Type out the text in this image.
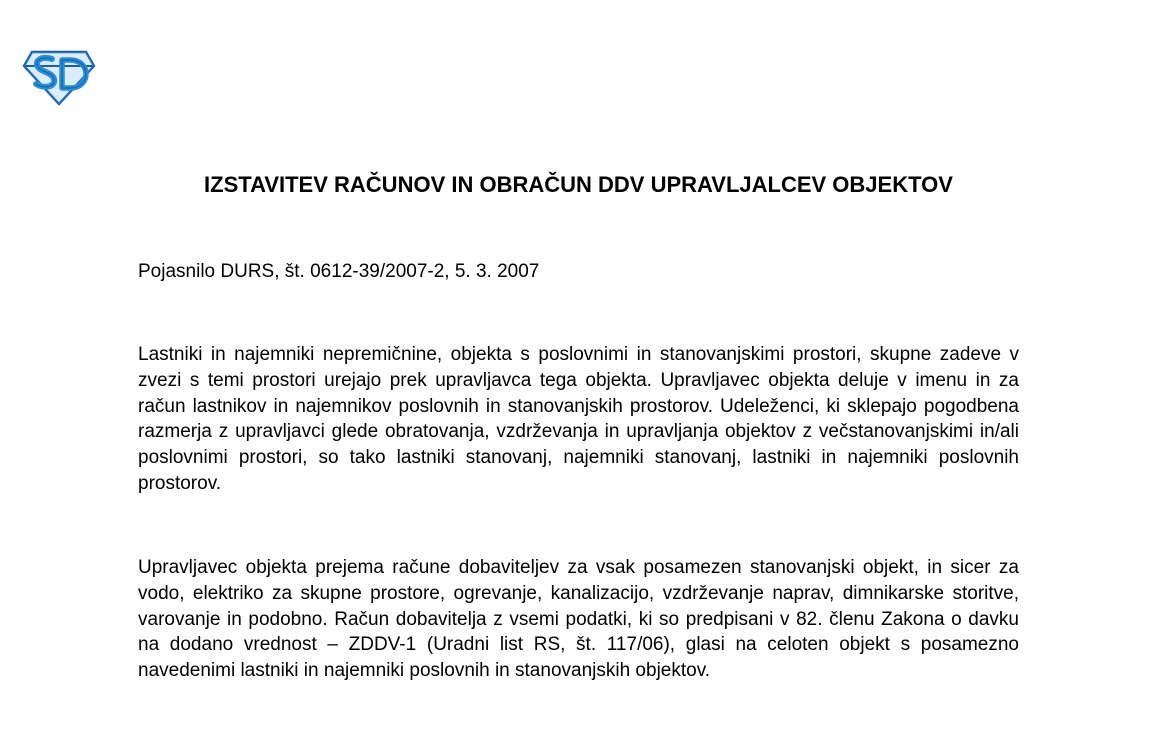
IZSTAVITEV RAČUNOV IN OBRAČUN DDV UPRAVLJALCEV OBJEKTOV

Pojasnilo DURS, št. 0612-39/2007-2, 5. 3. 2007

Lastniki in najemniki nepremičnine, objekta s poslovnimi in stanovanjskimi prostori, skupne zadeve v zvezi s temi prostori urejajo prek upravljavca tega objekta. Upravljavec objekta deluje v imenu in za račun lastnikov in najemnikov poslovnih in stanovanjskih prostorov. Udeleženci, ki sklepajo pogodbena razmerja z upravljavci glede obratovanja, vzdrževanja in upravljanja objektov z večstanovanjskimi in/ali poslovnimi prostori, so tako lastniki stanovanj, najemniki stanovanj, lastniki in najemniki poslovnih prostorov.

Upravljavec objekta prejema račune dobaviteljev za vsak posamezen stanovanjski objekt, in sicer za vodo, elektriko za skupne prostore, ogrevanje, kanalizacijo, vzdrževanje naprav, dimnikarske storitve, varovanje in podobno. Račun dobavitelja z vsemi podatki, ki so predpisani v 82. členu Zakona o davku na dodano vrednost – ZDDV-1 (Uradni list RS, št. 117/06), glasi na celoten objekt s posamezno navedenimi lastniki in najemniki poslovnih in stanovanjskih objektov.
